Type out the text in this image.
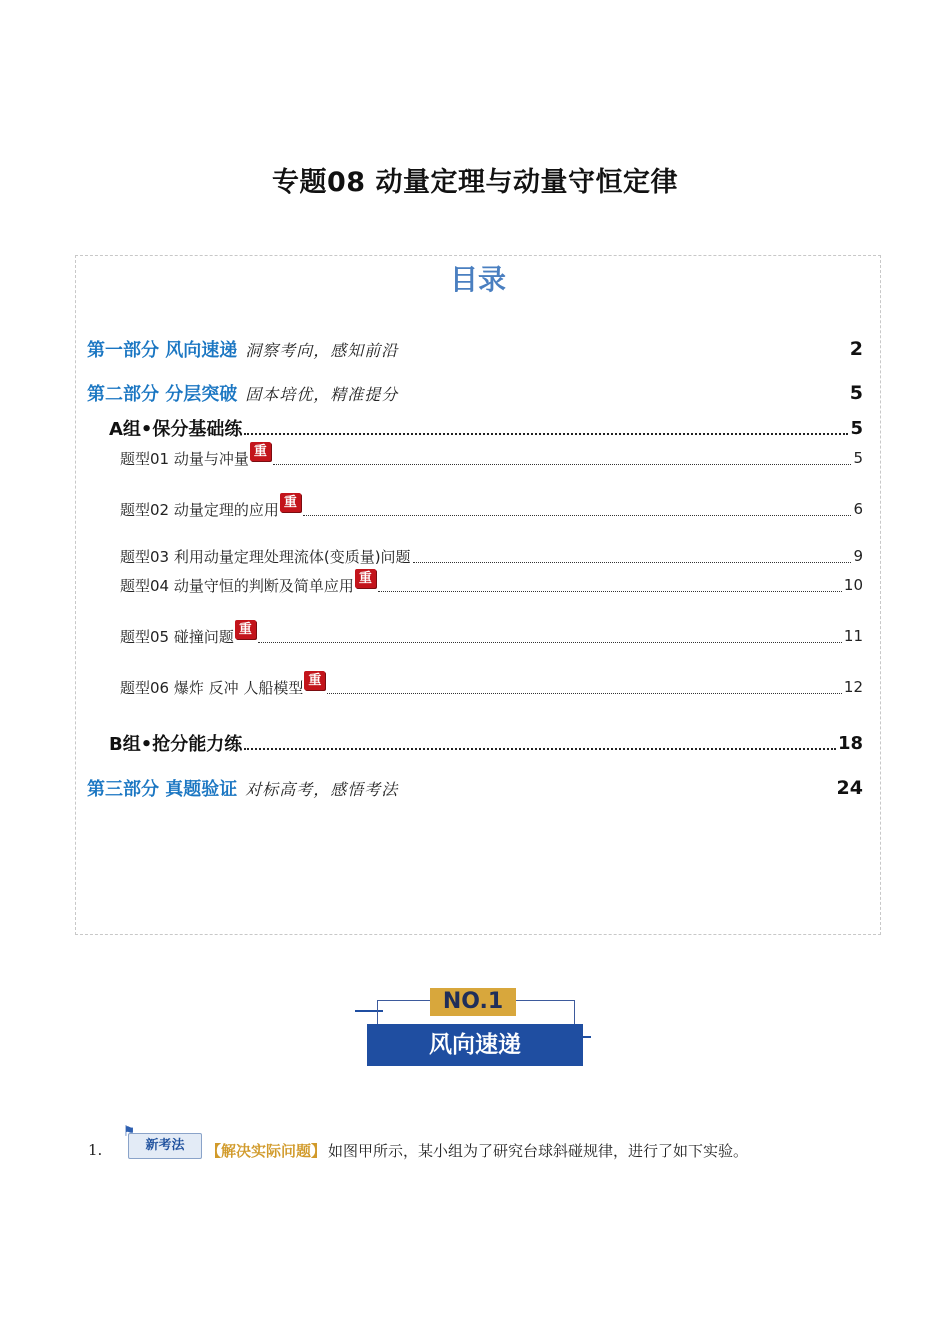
专题08 动量定理与动量守恒定律
目录
第一部分 风向速递 洞察考向，感知前沿	2
第二部分 分层突破 固本培优，精准提分	5
A组•保分基础练	5
题型01 动量与冲量 重	5
题型02 动量定理的应用 重	6
题型03 利用动量定理处理流体(变质量)问题	9
题型04 动量守恒的判断及简单应用 重	10
题型05 碰撞问题 重	11
题型06 爆炸 反冲 人船模型 重	12
B组•抢分能力练	18
第三部分 真题验证 对标高考，感悟考法	24
NO.1
风向速递
1.
⚑
新考法	【解决实际问题】 如图甲所示，某小组为了研究台球斜碰规律，进行了如下实验。
